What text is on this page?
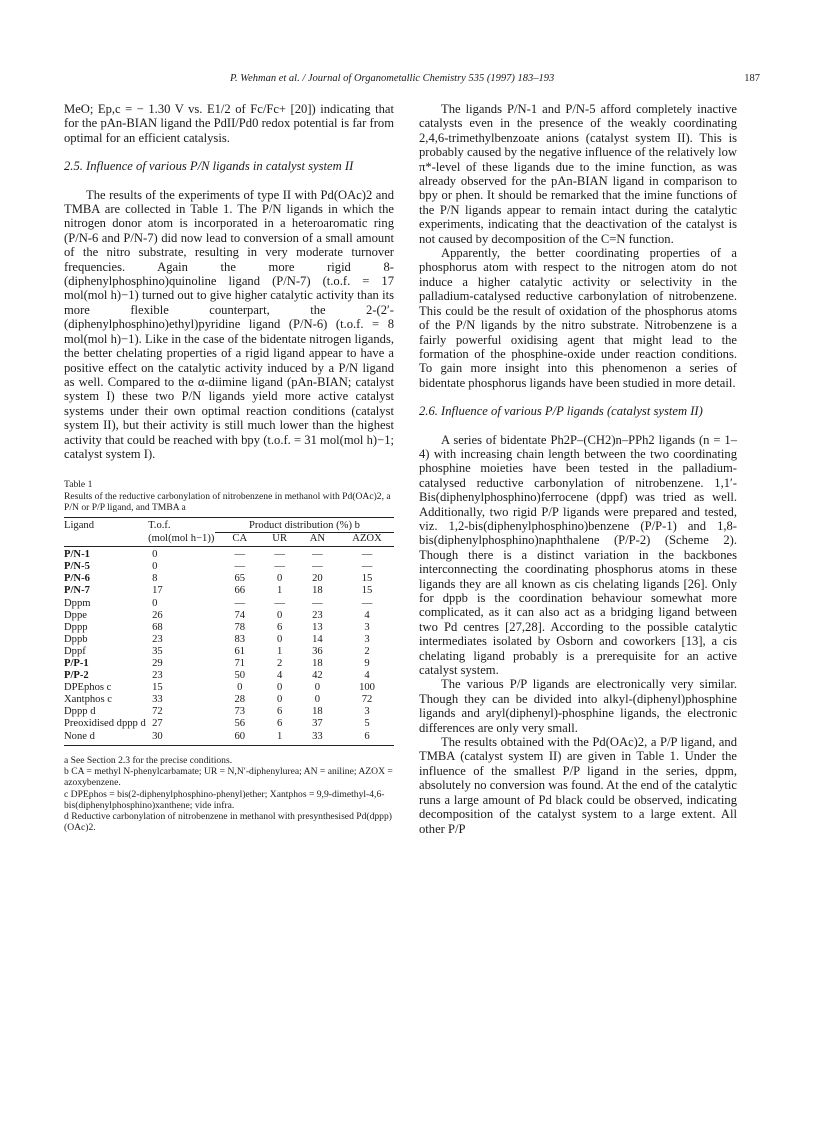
P. Wehman et al. / Journal of Organometallic Chemistry 535 (1997) 183–193	187

MeO; Ep,c = − 1.30 V vs. E1/2 of Fc/Fc+ [20]) indicating that for the pAn-BIAN ligand the PdII/Pd0 redox potential is far from optimal for an efficient catalysis.

2.5. Influence of various P/N ligands in catalyst system II

The results of the experiments of type II with Pd(OAc)2 and TMBA are collected in Table 1. The P/N ligands in which the nitrogen donor atom is incorporated in a heteroaromatic ring (P/N-6 and P/N-7) did now lead to conversion of a small amount of the nitro substrate, resulting in very moderate turnover frequencies. Again the more rigid 8-(diphenylphosphino)quinoline ligand (P/N-7) (t.o.f. = 17 mol(mol h)−1) turned out to give higher catalytic activity than its more flexible counterpart, the 2-(2′-(diphenylphosphino)ethyl)pyridine ligand (P/N-6) (t.o.f. = 8 mol(mol h)−1). Like in the case of the bidentate nitrogen ligands, the better chelating properties of a rigid ligand appear to have a positive effect on the catalytic activity induced by a P/N ligand as well. Compared to the α-diimine ligand (pAn-BIAN; catalyst system I) these two P/N ligands yield more active catalyst systems under their own optimal reaction conditions (catalyst system II), but their activity is still much lower than the highest activity that could be reached with bpy (t.o.f. = 31 mol(mol h)−1; catalyst system I).

Table 1
Results of the reductive carbonylation of nitrobenzene in methanol with Pd(OAc)2, a P/N or P/P ligand, and TMBA a
Ligand	T.o.f.	Product distribution (%) b			
	(mol(mol h−1))	CA	UR	AN	AZOX
P/N-1	0	—	—	—	—
P/N-5	0	—	—	—	—
P/N-6	8	65	0	20	15
P/N-7	17	66	1	18	15
Dppm	0	—	—	—	—
Dppe	26	74	0	23	4
Dppp	68	78	6	13	3
Dppb	23	83	0	14	3
Dppf	35	61	1	36	2
P/P-1	29	71	2	18	9
P/P-2	23	50	4	42	4
DPEphos c	15	0	0	0	100
Xantphos c	33	28	0	0	72
Dppp d	72	73	6	18	3
Preoxidised dppp d	27	56	6	37	5
None d	30	60	1	33	6

a See Section 2.3 for the precise conditions.

b CA = methyl N-phenylcarbamate; UR = N,N′-diphenylurea; AN = aniline; AZOX = azoxybenzene.

c DPEphos = bis(2-diphenylphosphino-phenyl)ether; Xantphos = 9,9-dimethyl-4,6-bis(diphenylphosphino)xanthene; vide infra.

d Reductive carbonylation of nitrobenzene in methanol with presynthesised Pd(dppp)(OAc)2.

The ligands P/N-1 and P/N-5 afford completely inactive catalysts even in the presence of the weakly coordinating 2,4,6-trimethylbenzoate anions (catalyst system II). This is probably caused by the negative influence of the relatively low π*-level of these ligands due to the imine function, as was already observed for the pAn-BIAN ligand in comparison to bpy or phen. It should be remarked that the imine functions of the P/N ligands appear to remain intact during the catalytic experiments, indicating that the deactivation of the catalyst is not caused by decomposition of the C=N function.

Apparently, the better coordinating properties of a phosphorus atom with respect to the nitrogen atom do not induce a higher catalytic activity or selectivity in the palladium-catalysed reductive carbonylation of nitrobenzene. This could be the result of oxidation of the phosphorus atoms of the P/N ligands by the nitro substrate. Nitrobenzene is a fairly powerful oxidising agent that might lead to the formation of the phosphine-oxide under reaction conditions. To gain more insight into this phenomenon a series of bidentate phosphorus ligands have been studied in more detail.

2.6. Influence of various P/P ligands (catalyst system II)

A series of bidentate Ph2P–(CH2)n–PPh2 ligands (n = 1–4) with increasing chain length between the two coordinating phosphine moieties have been tested in the palladium-catalysed reductive carbonylation of nitrobenzene. 1,1′-Bis(diphenylphosphino)ferrocene (dppf) was tried as well. Additionally, two rigid P/P ligands were prepared and tested, viz. 1,2-bis(diphenylphosphino)benzene (P/P-1) and 1,8-bis(diphenylphosphino)naphthalene (P/P-2) (Scheme 2). Though there is a distinct variation in the backbones interconnecting the coordinating phosphorus atoms in these ligands they are all known as cis chelating ligands [26]. Only for dppb is the coordination behaviour somewhat more complicated, as it can also act as a bridging ligand between two Pd centres [27,28]. According to the possible catalytic intermediates isolated by Osborn and coworkers [13], a cis chelating ligand probably is a prerequisite for an active catalyst system.

The various P/P ligands are electronically very similar. Though they can be divided into alkyl-(diphenyl)phosphine ligands and aryl(diphenyl)-phosphine ligands, the electronic differences are only very small.

The results obtained with the Pd(OAc)2, a P/P ligand, and TMBA (catalyst system II) are given in Table 1. Under the influence of the smallest P/P ligand in the series, dppm, absolutely no conversion was found. At the end of the catalytic runs a large amount of Pd black could be observed, indicating decomposition of the catalyst system to a large extent. All other P/P
